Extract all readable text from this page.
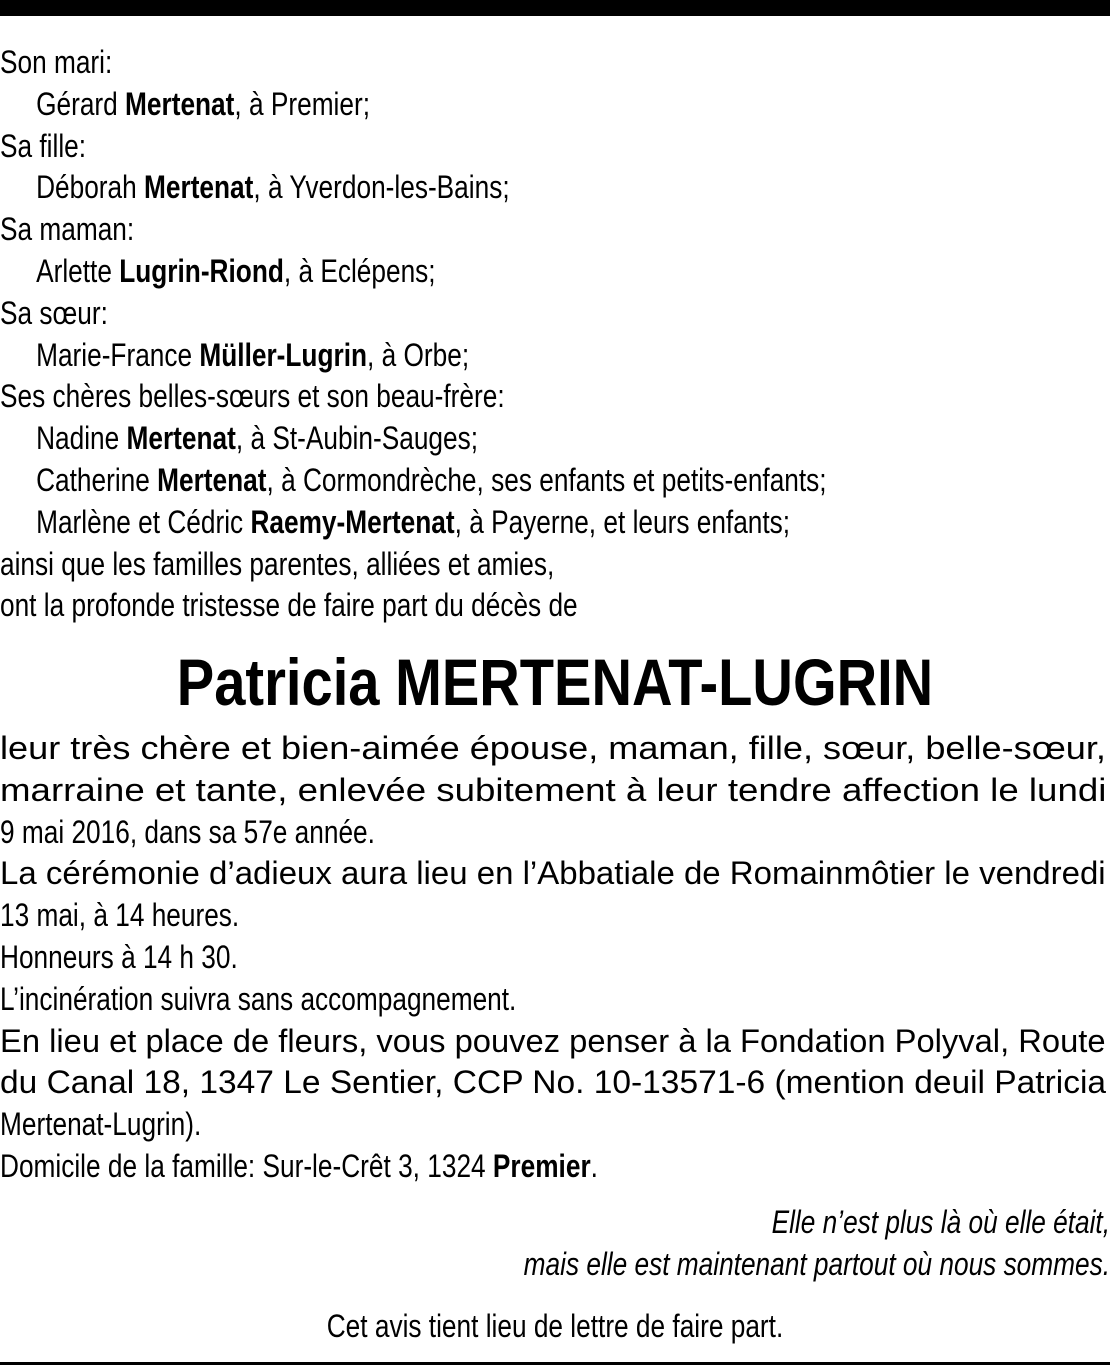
Son mari:
Gérard Mertenat, à Premier;
Sa fille:
Déborah Mertenat, à Yverdon-les-Bains;
Sa maman:
Arlette Lugrin-Riond, à Eclépens;
Sa sœur:
Marie-France Müller-Lugrin, à Orbe;
Ses chères belles-sœurs et son beau-frère:
Nadine Mertenat, à St-Aubin-Sauges;
Catherine Mertenat, à Cormondrèche, ses enfants et petits-enfants;
Marlène et Cédric Raemy-Mertenat, à Payerne, et leurs enfants;
ainsi que les familles parentes, alliées et amies,
ont la profonde tristesse de faire part du décès de
Patricia MERTENAT-LUGRIN
leur très chère et bien-aimée épouse, maman, fille, sœur, belle-sœur,
marraine et tante, enlevée subitement à leur tendre affection le lundi
9 mai 2016, dans sa 57e année.
La cérémonie d’adieux aura lieu en l’Abbatiale de Romainmôtier le vendredi
13 mai, à 14 heures.
Honneurs à 14 h 30.
L’incinération suivra sans accompagnement.
En lieu et place de fleurs, vous pouvez penser à la Fondation Polyval, Route
du Canal 18, 1347 Le Sentier, CCP No. 10-13571-6 (mention deuil Patricia
Mertenat-Lugrin).
Domicile de la famille: Sur-le-Crêt 3, 1324 Premier.
Elle n’est plus là où elle était,
mais elle est maintenant partout où nous sommes.
Cet avis tient lieu de lettre de faire part.
